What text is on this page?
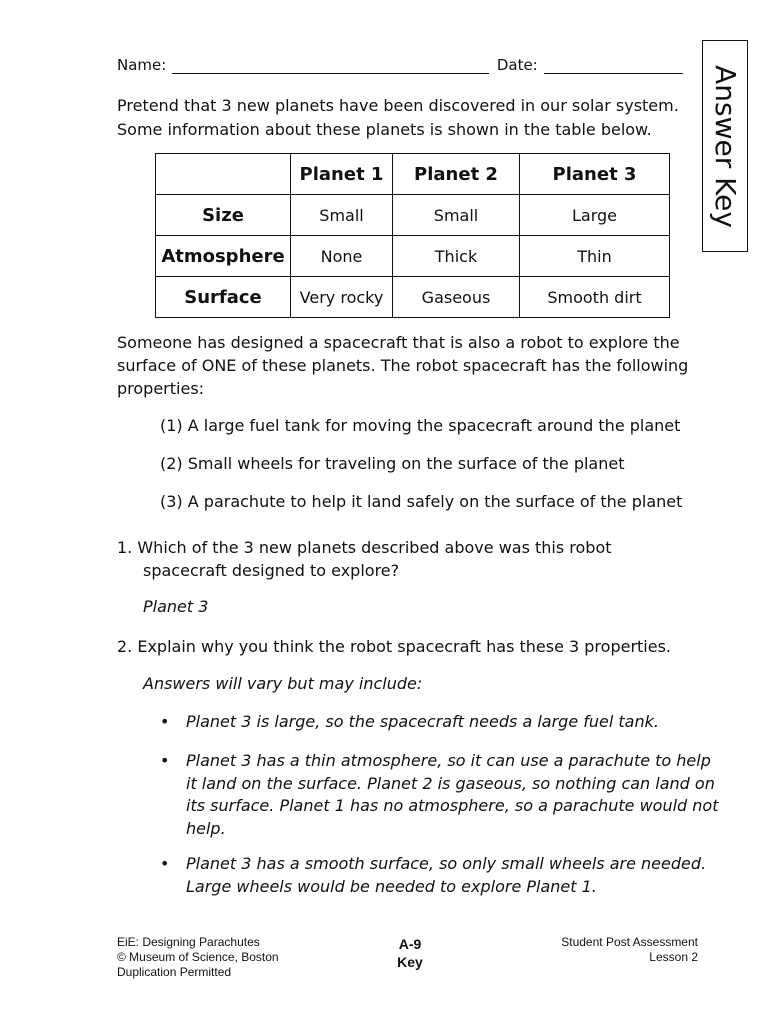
Name:	Date:	Answer Key
Pretend that 3 new planets have been discovered in our solar system.
Some information about these planets is shown in the table below.
	Planet 1	Planet 2	Planet 3
Size	Small	Small	Large
Atmosphere	None	Thick	Thin
Surface	Very rocky	Gaseous	Smooth dirt
Someone has designed a spacecraft that is also a robot to explore the
surface of ONE of these planets. The robot spacecraft has the following
properties:
(1) A large fuel tank for moving the spacecraft around the planet
(2) Small wheels for traveling on the surface of the planet
(3) A parachute to help it land safely on the surface of the planet
1. Which of the 3 new planets described above was this robot
spacecraft designed to explore?
Planet 3
2. Explain why you think the robot spacecraft has these 3 properties.
Answers will vary but may include:
•	Planet 3 is large, so the spacecraft needs a large fuel tank.
•	Planet 3 has a thin atmosphere, so it can use a parachute to help
it land on the surface. Planet 2 is gaseous, so nothing can land on
its surface. Planet 1 has no atmosphere, so a parachute would not
help.
•	Planet 3 has a smooth surface, so only small wheels are needed.
Large wheels would be needed to explore Planet 1.
EiE: Designing Parachutes
© Museum of Science, Boston
Duplication Permitted
A-9
Key
Student Post Assessment
Lesson 2
